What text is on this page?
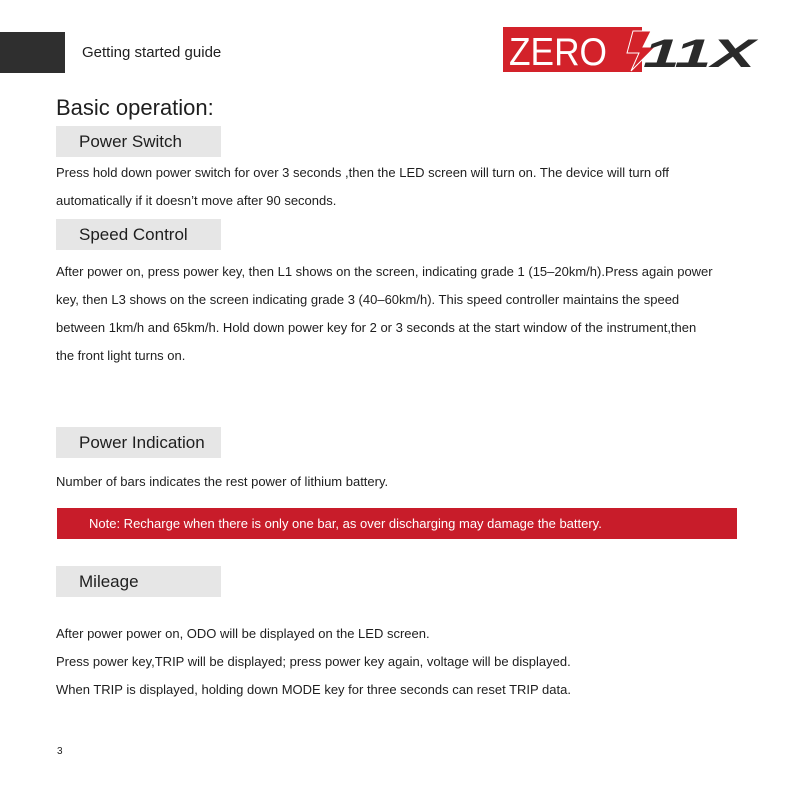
Getting started guide	ZERO 11X
Basic operation:
Power Switch
Press hold down power switch for over 3 seconds ,then the LED screen will turn on. The device will turn off
automatically if it doesn’t move after 90 seconds.
Speed Control
After power on, press power key, then L1 shows on the screen, indicating grade 1 (15–20km/h).Press again power
key, then L3 shows on the screen indicating grade 3 (40–60km/h). This speed controller maintains the speed
between 1km/h and 65km/h. Hold down power key for 2 or 3 seconds at the start window of the instrument,then
the front light turns on.
Power Indication
Number of bars indicates the rest power of lithium battery.
Note: Recharge when there is only one bar, as over discharging may damage the battery.
Mileage
After power power on, ODO will be displayed on the LED screen.
Press power key,TRIP will be displayed; press power key again, voltage will be displayed.
When TRIP is displayed, holding down MODE key for three seconds can reset TRIP data.
3
